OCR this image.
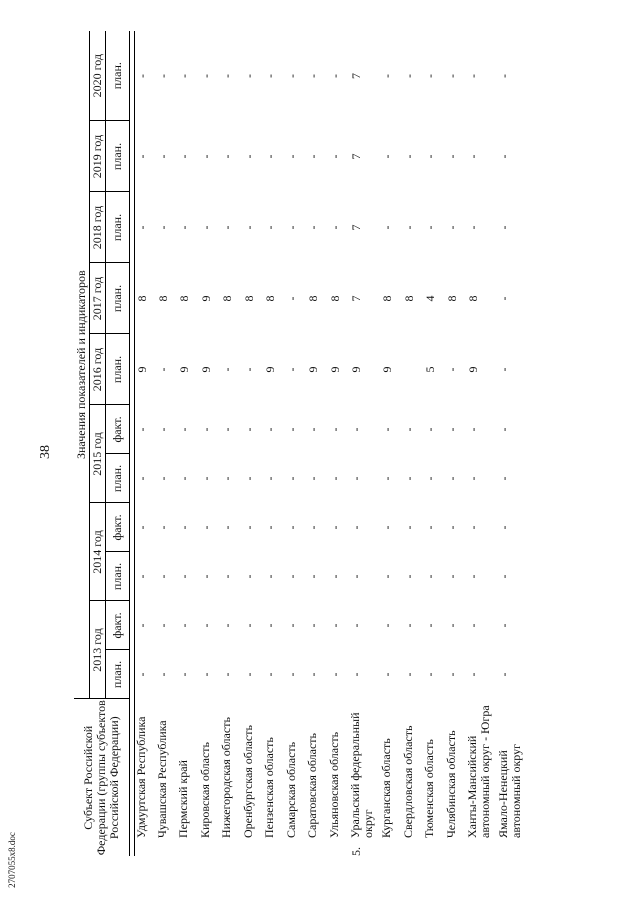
38
2707055х8.doc
Субъект Российской Федерации (группы субъектов Российской Федерации)		Значения показателей и индикаторов										
		2013 год		2014 год		2015 год		2016 год	2017 год	2018 год	2019 год	2020 год
		план.	факт.	план.	факт.	план.	факт.	план.	план.	план.	план.	план.

	Удмуртская Республика	-	-	-	-	-	-	9	8	-	-	-
	Чувашская Республика	-	-	-	-	-	-	-	8	-	-	-
	Пермский край	-	-	-	-	-	-	9	8	-	-	-
	Кировская область	-	-	-	-	-	-	9	9	-	-	-
	Нижегородская область	-	-	-	-	-	-	-	8	-	-	-
	Оренбургская область	-	-	-	-	-	-	-	8	-	-	-
	Пензенская область	-	-	-	-	-	-	9	8	-	-	-
	Самарская область	-	-	-	-	-	-	-	-	-	-	-
	Саратовская область	-	-	-	-	-	-	9	8	-	-	-
	Ульяновская область	-	-	-	-	-	-	9	8	-	-	-
5.	Уральский федеральный округ	-	-	-	-	-	-	9	7	7	7	7
	Курганская область	-	-	-	-	-	-	9	8	-	-	-
	Свердловская область	-	-	-	-	-	-		8	-	-	-
	Тюменская область	-	-	-	-	-	-	5	4	-	-	-
	Челябинская область	-	-	-	-	-	-	-	8	-	-	-
	Ханты-Мансийский автономный округ - Югра	-	-	-	-	-	-	9	8	-	-	-
	Ямало-Ненецкий автономный округ	-	-	-	-	-	-	-	-	-	-	-
